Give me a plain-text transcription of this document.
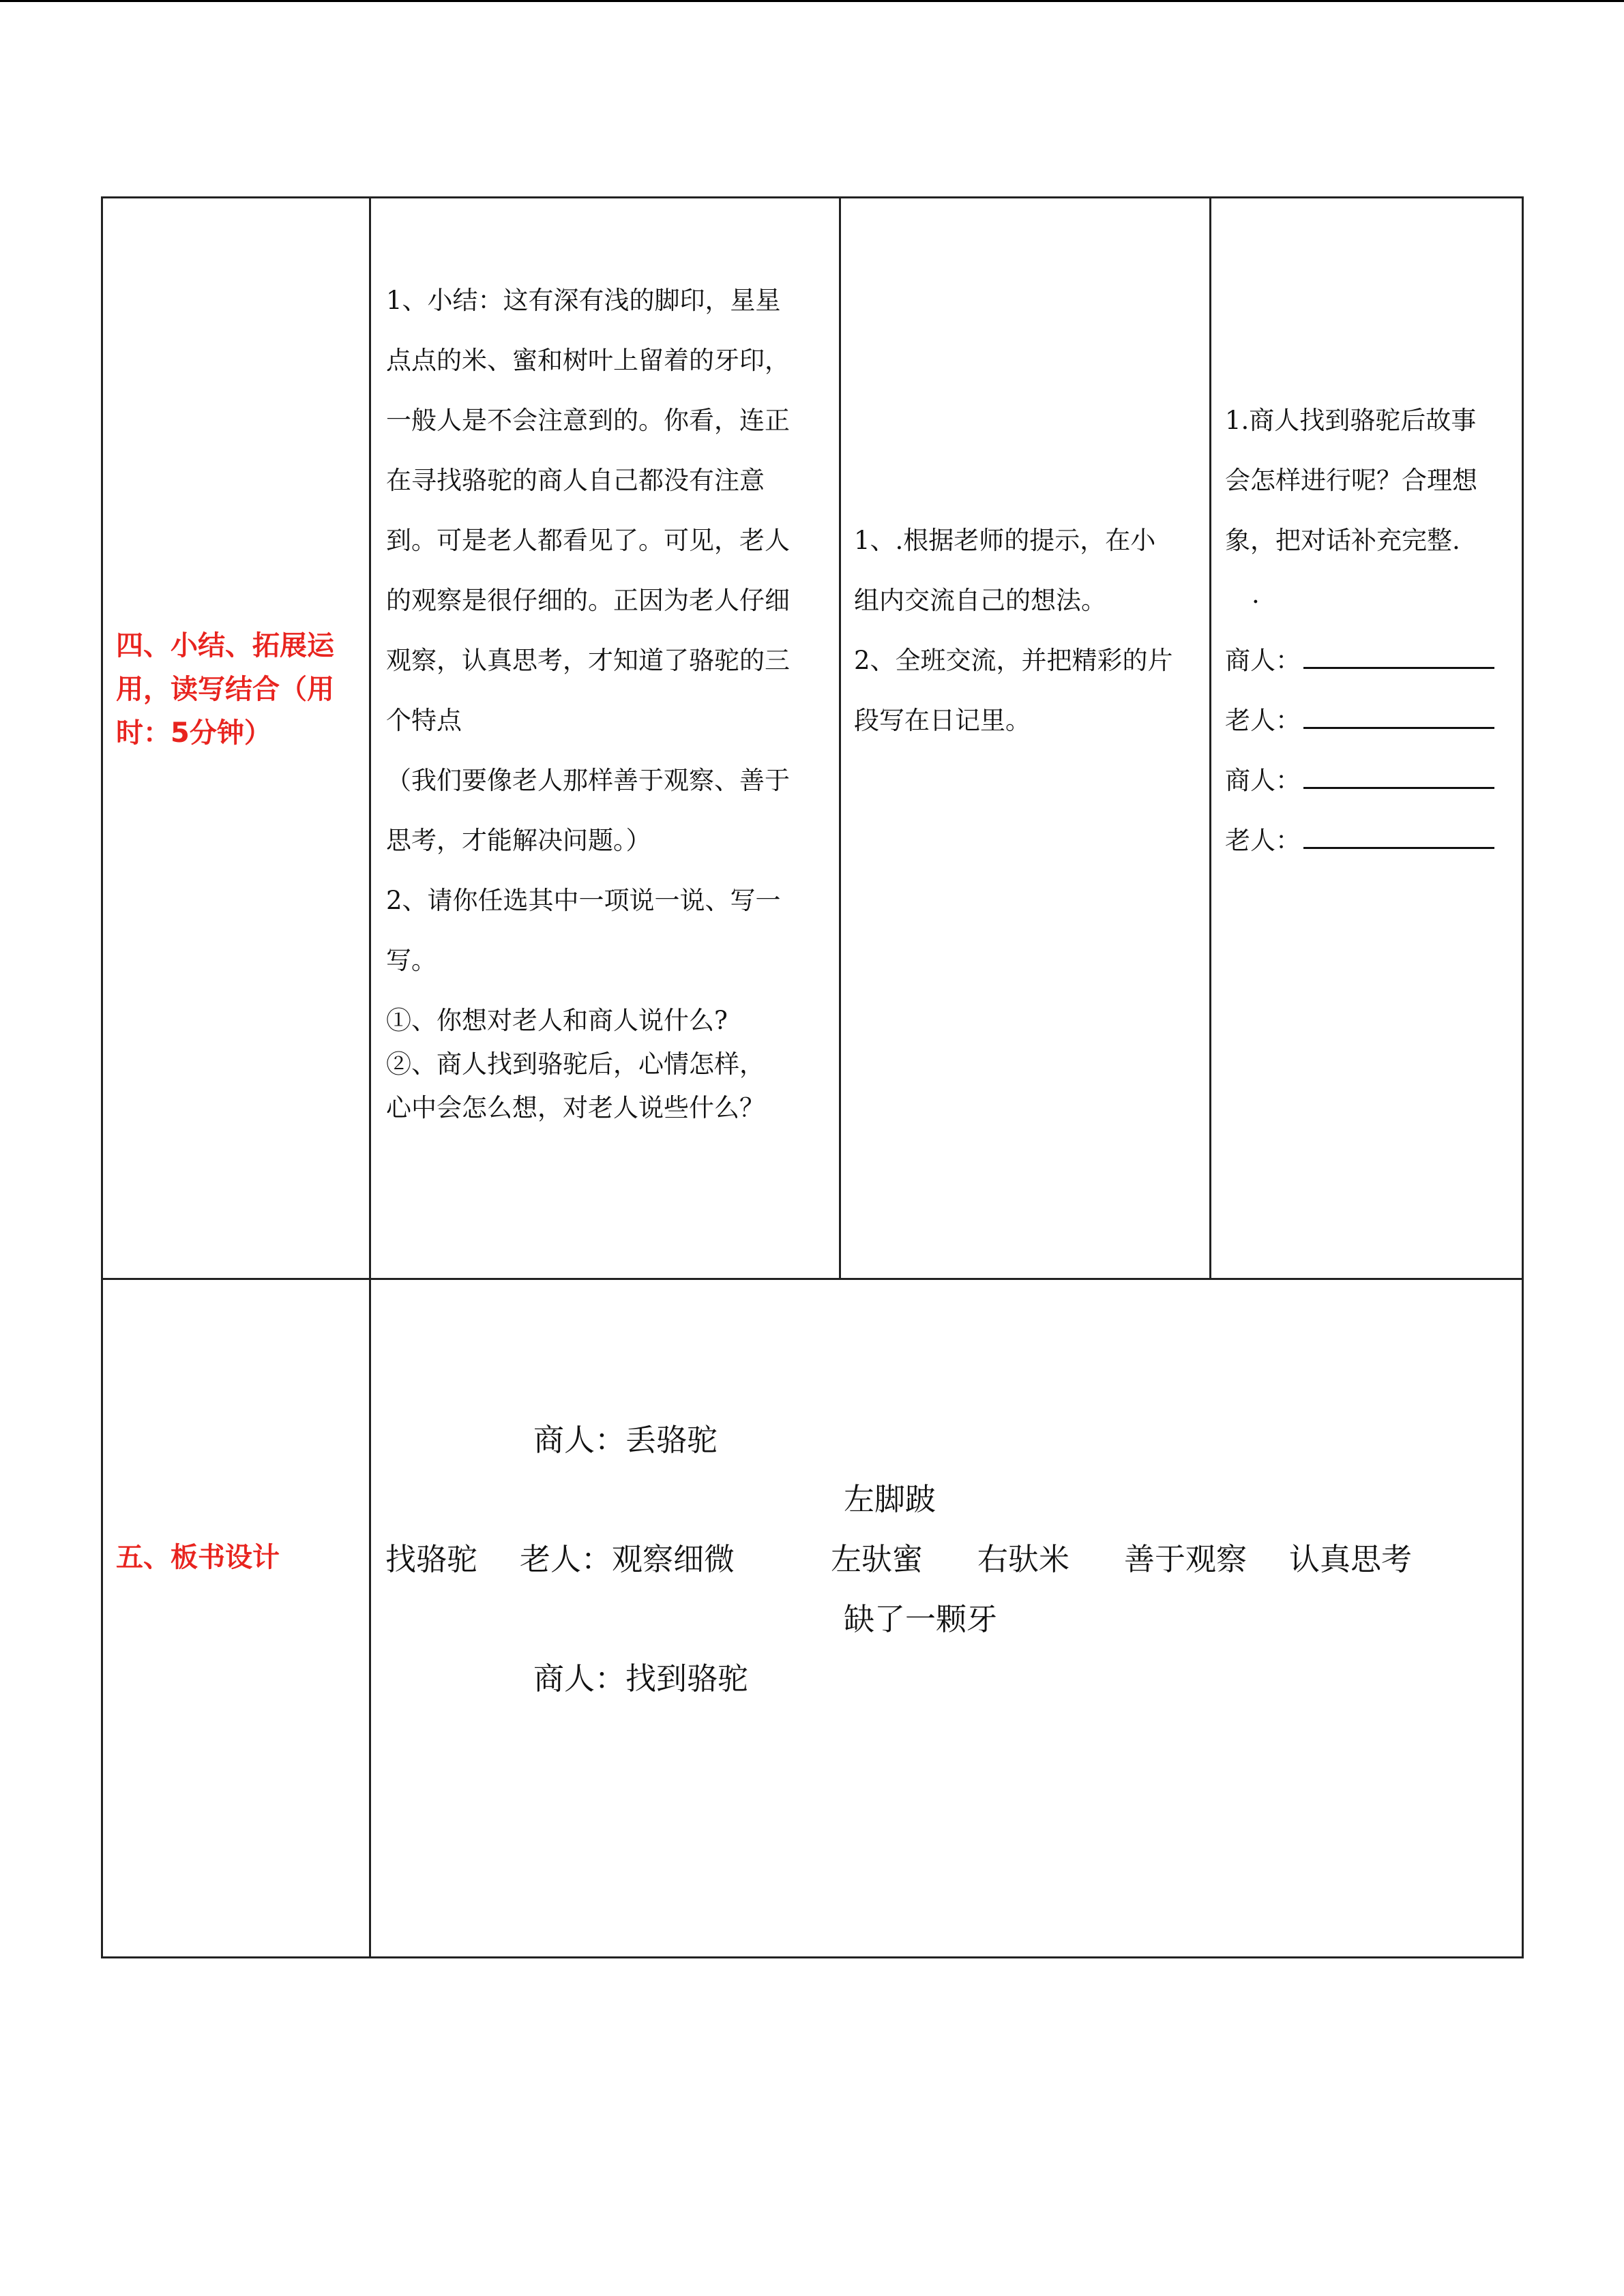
四、小结、拓展运用，读写结合（用时：5分钟）
1、小结：这有深有浅的脚印，星星
点点的米、蜜和树叶上留着的牙印，
一般人是不会注意到的。你看，连正
在寻找骆驼的商人自己都没有注意
到。可是老人都看见了。可见，老人
的观察是很仔细的。正因为老人仔细
观察，认真思考，才知道了骆驼的三
个特点
（我们要像老人那样善于观察、善于
思考，才能解决问题。）
2、请你任选其中一项说一说、写一
写。
①、你想对老人和商人说什么?
②、商人找到骆驼后，心情怎样，
心中会怎么想，对老人说些什么？
1、.根据老师的提示，在小
组内交流自己的想法。
2、全班交流，并把精彩的片
段写在日记里。
1.商人找到骆驼后故事
会怎样进行呢？合理想
象，把对话补充完整.
.
商人：
老人：
商人：
老人：
五、板书设计
商人：丢骆驼
左脚跛
找骆驼 老人：观察细微	左驮蜜 右驮米 善于观察 认真思考
缺了一颗牙
商人：找到骆驼
